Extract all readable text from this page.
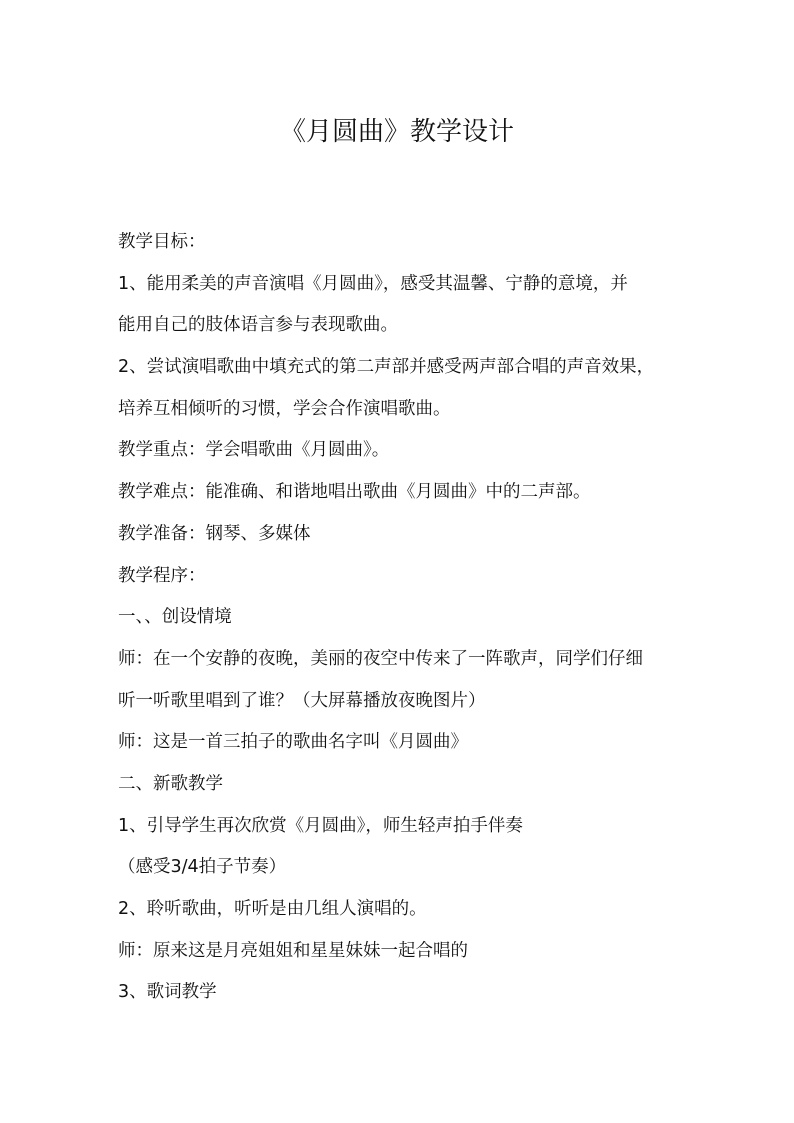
《月圆曲》教学设计
教学目标：
1、能用柔美的声音演唱《月圆曲》，感受其温馨、宁静的意境，并
能用自己的肢体语言参与表现歌曲。
2、尝试演唱歌曲中填充式的第二声部并感受两声部合唱的声音效果，
培养互相倾听的习惯，学会合作演唱歌曲。
教学重点：学会唱歌曲《月圆曲》。
教学难点：能准确、和谐地唱出歌曲《月圆曲》中的二声部。
教学准备：钢琴、多媒体
教学程序：
一、、创设情境
师：在一个安静的夜晚，美丽的夜空中传来了一阵歌声，同学们仔细
听一听歌里唱到了谁？（大屏幕播放夜晚图片）
师：这是一首三拍子的歌曲名字叫《月圆曲》
二、新歌教学
1、引导学生再次欣赏《月圆曲》，师生轻声拍手伴奏
（感受3/4拍子节奏）
2、聆听歌曲，听听是由几组人演唱的。
师：原来这是月亮姐姐和星星妹妹一起合唱的
3、歌词教学
